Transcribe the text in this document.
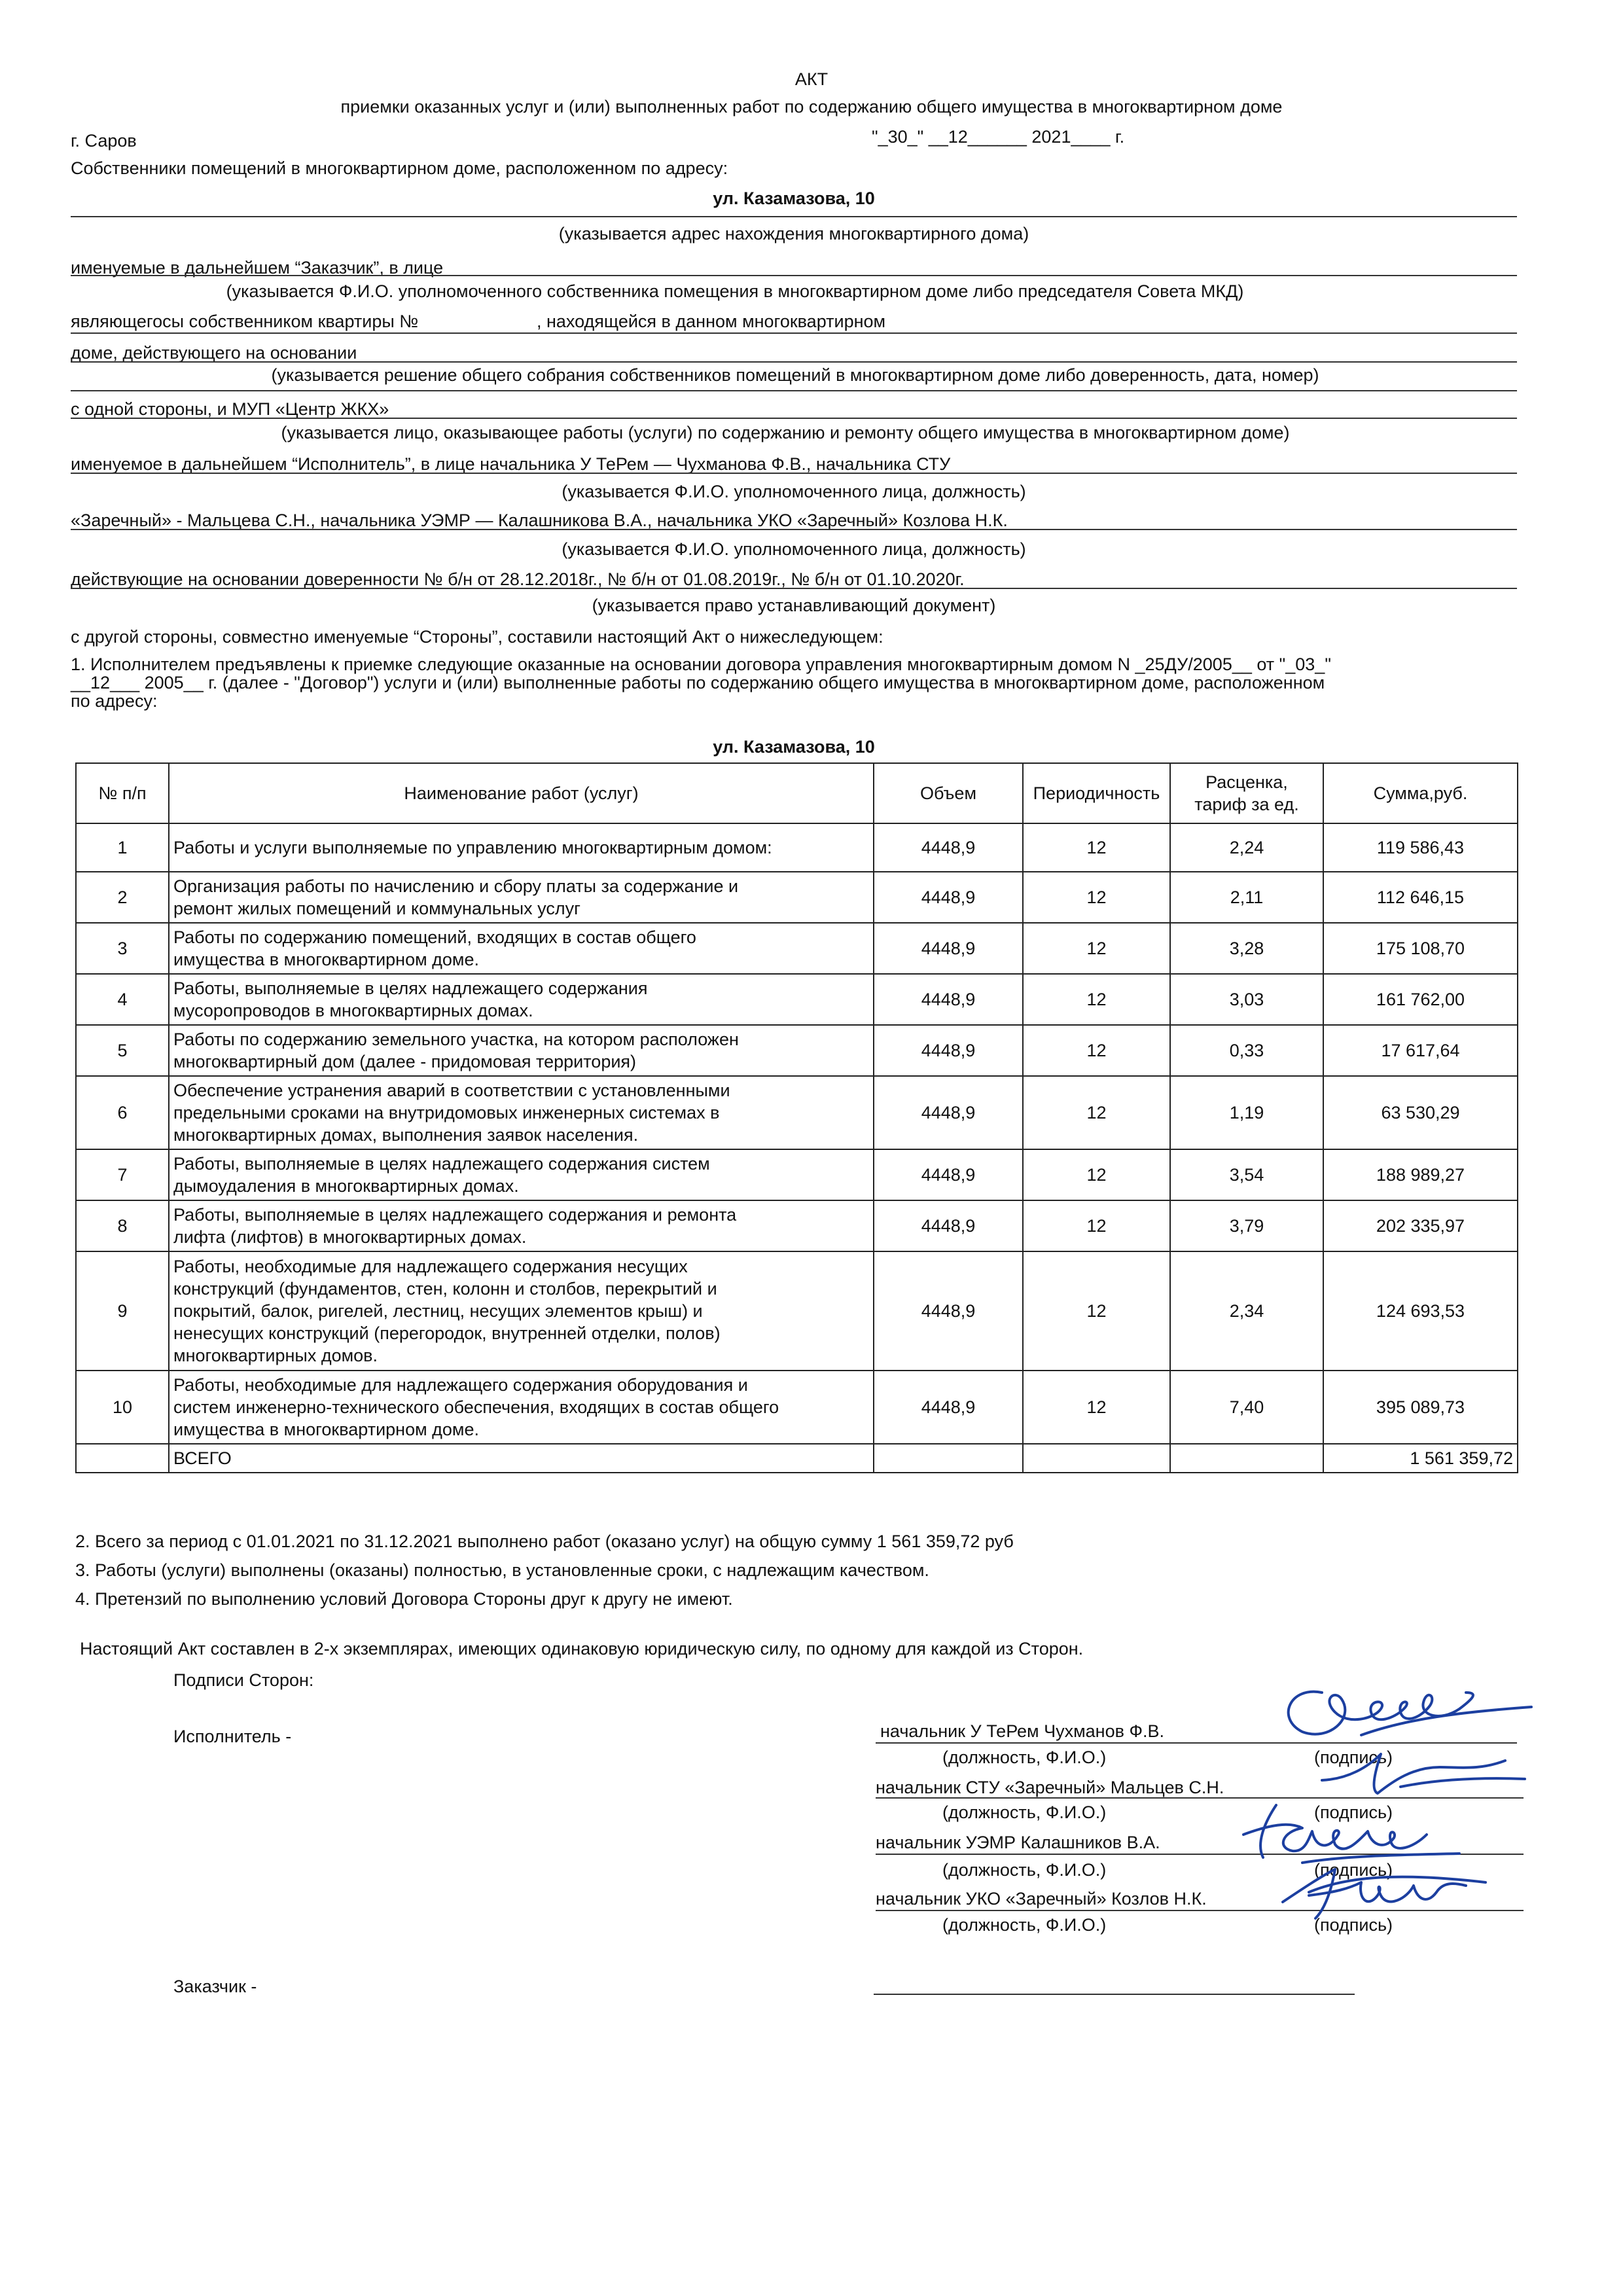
АКТ
приемки оказанных услуг и (или) выполненных работ по содержанию общего имущества в многоквартирном доме
г. Саров	"_30_" __12______ 2021____ г.
Собственники помещений в многоквартирном доме, расположенном по адресу:
ул. Казамазова, 10
(указывается адрес нахождения многоквартирного дома)
именуемые в дальнейшем “Заказчик”, в лице
(указывается Ф.И.О. уполномоченного собственника помещения в многоквартирном доме либо председателя Совета МКД)
являющегосы собственником квартиры №	, находящейся в данном многоквартирном
доме, действующего на основании
(указывается решение общего собрания собственников помещений в многоквартирном доме либо доверенность, дата, номер)
с одной стороны, и МУП «Центр ЖКХ»
(указывается лицо, оказывающее работы (услуги) по содержанию и ремонту общего имущества в многоквартирном доме)
именуемое в дальнейшем “Исполнитель”, в лице начальника У ТеРем — Чухманова Ф.В., начальника СТУ
(указывается Ф.И.О. уполномоченного лица, должность)
«Заречный» - Мальцева С.Н., начальника УЭМР — Калашникова В.А., начальника УКО «Заречный» Козлова Н.К.
(указывается Ф.И.О. уполномоченного лица, должность)
действующие на основании доверенности № б/н от 28.12.2018г., № б/н от 01.08.2019г., № б/н от 01.10.2020г.
(указывается право устанавливающий документ)
с другой стороны, совместно именуемые “Стороны”, составили настоящий Акт о нижеследующем:
1. Исполнителем предъявлены к приемке следующие оказанные на основании договора управления многоквартирным домом N _25ДУ/2005__ от "_03_"
__12___ 2005__ г. (далее - "Договор") услуги и (или) выполненные работы по содержанию общего имущества в многоквартирном доме, расположенном
по адресу:
ул. Казамазова, 10
№ п/п	Наименование работ (услуг)	Объем	Периодичность	Расценка,
тариф за ед.	Сумма,руб.
1	Работы и услуги выполняемые по управлению многоквартирным домом:	4448,9	12	2,24	119 586,43
2	Организация работы по начислению и сбору платы за содержание и
ремонт жилых помещений и коммунальных услуг	4448,9	12	2,11	112 646,15
3	Работы по содержанию помещений, входящих в состав общего
имущества в многоквартирном доме.	4448,9	12	3,28	175 108,70
4	Работы, выполняемые в целях надлежащего содержания
мусоропроводов в многоквартирных домах.	4448,9	12	3,03	161 762,00
5	Работы по содержанию земельного участка, на котором расположен
многоквартирный дом (далее - придомовая территория)	4448,9	12	0,33	17 617,64
6	Обеспечение устранения аварий в соответствии с установленными
предельными сроками на внутридомовых инженерных системах в
многоквартирных домах, выполнения заявок населения.	4448,9	12	1,19	63 530,29
7	Работы, выполняемые в целях надлежащего содержания систем
дымоудаления в многоквартирных домах.	4448,9	12	3,54	188 989,27
8	Работы, выполняемые в целях надлежащего содержания и ремонта
лифта (лифтов) в многоквартирных домах.	4448,9	12	3,79	202 335,97
9	Работы, необходимые для надлежащего содержания несущих
конструкций (фундаментов, стен, колонн и столбов, перекрытий и
покрытий, балок, ригелей, лестниц, несущих элементов крыш) и
ненесущих конструкций (перегородок, внутренней отделки, полов)
многоквартирных домов.	4448,9	12	2,34	124 693,53
10	Работы, необходимые для надлежащего содержания оборудования и
систем инженерно-технического обеспечения, входящих в состав общего
имущества в многоквартирном доме.	4448,9	12	7,40	395 089,73
	ВСЕГО				1 561 359,72
2. Всего за период с 01.01.2021 по 31.12.2021 выполнено работ (оказано услуг) на общую сумму 1 561 359,72 руб
3. Работы (услуги) выполнены (оказаны) полностью, в установленные сроки, с надлежащим качеством.
4. Претензий по выполнению условий Договора Стороны друг к другу не имеют.
Настоящий Акт составлен в 2-х экземплярах, имеющих одинаковую юридическую силу, по одному для каждой из Сторон.
Подписи Сторон:
Исполнитель -
Заказчик -
начальник У ТеРем Чухманов Ф.В.
(должность, Ф.И.О.)	(подпись)
начальник СТУ «Заречный» Мальцев С.Н.
(должность, Ф.И.О.)	(подпись)
начальник УЭМР Калашников В.А.
(должность, Ф.И.О.)	(подпись)
начальник УКО «Заречный» Козлов Н.К.
(должность, Ф.И.О.)	(подпись)
